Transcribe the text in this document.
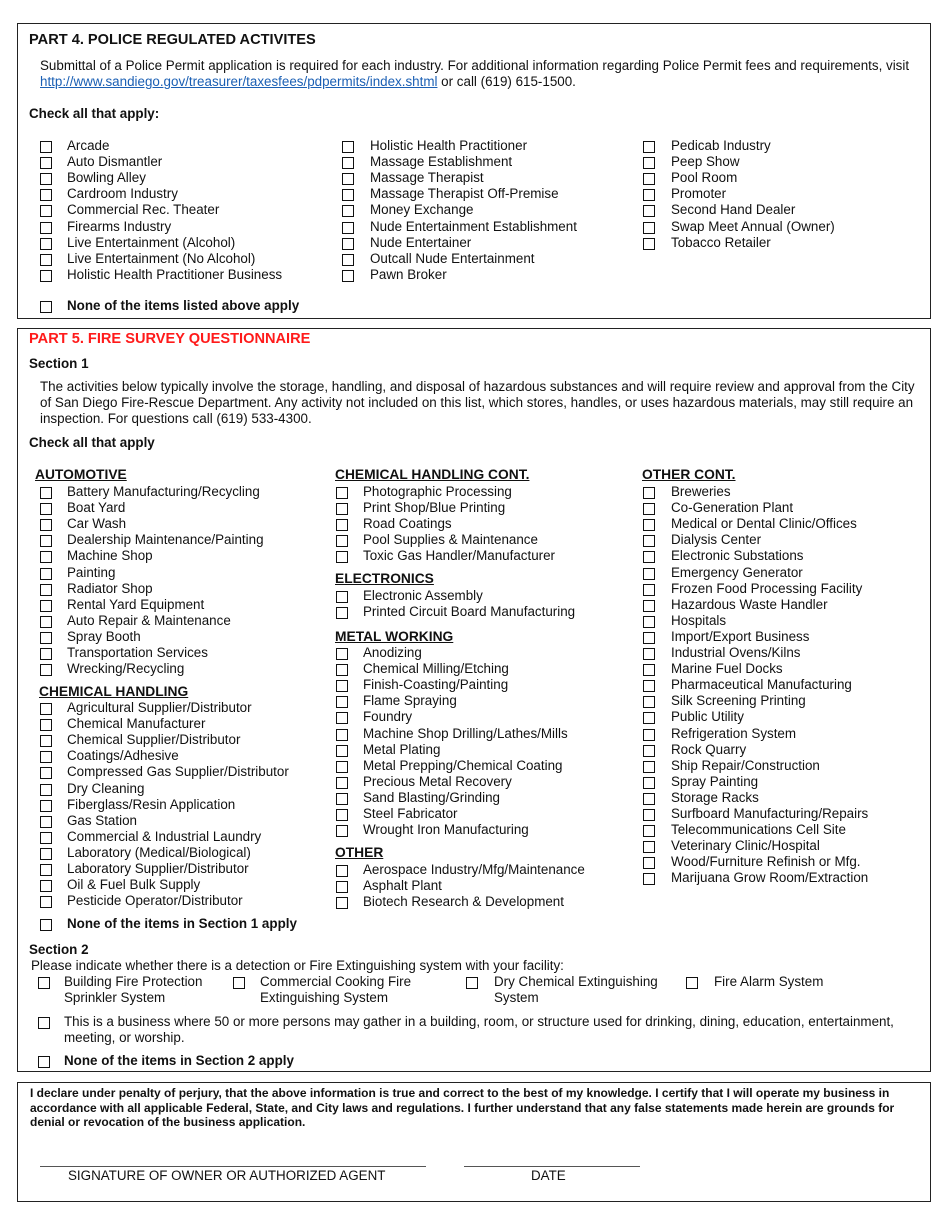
PART 4. POLICE REGULATED ACTIVITES
Submittal of a Police Permit application is required for each industry. For additional information regarding Police Permit fees and requirements, visit http://www.sandiego.gov/treasurer/taxesfees/pdpermits/index.shtml or call (619) 615-1500.
Check all that apply:
Arcade
Auto Dismantler
Bowling Alley
Cardroom Industry
Commercial Rec. Theater
Firearms Industry
Live Entertainment (Alcohol)
Live Entertainment (No Alcohol)
Holistic Health Practitioner Business
Holistic Health Practitioner
Massage Establishment
Massage Therapist
Massage Therapist Off-Premise
Money Exchange
Nude Entertainment Establishment
Nude Entertainer
Outcall Nude Entertainment
Pawn Broker
Pedicab Industry
Peep Show
Pool Room
Promoter
Second Hand Dealer
Swap Meet Annual (Owner)
Tobacco Retailer
None of the items listed above apply
PART 5. FIRE SURVEY QUESTIONNAIRE
Section 1
The activities below typically involve the storage, handling, and disposal of hazardous substances and will require review and approval from the City of San Diego Fire-Rescue Department. Any activity not included on this list, which stores, handles, or uses hazardous materials, may still require an inspection. For questions call (619) 533-4300.
Check all that apply
AUTOMOTIVE
Battery Manufacturing/Recycling
Boat Yard
Car Wash
Dealership Maintenance/Painting
Machine Shop
Painting
Radiator Shop
Rental Yard Equipment
Auto Repair & Maintenance
Spray Booth
Transportation Services
Wrecking/Recycling
CHEMICAL HANDLING
Agricultural Supplier/Distributor
Chemical Manufacturer
Chemical Supplier/Distributor
Coatings/Adhesive
Compressed Gas Supplier/Distributor
Dry Cleaning
Fiberglass/Resin Application
Gas Station
Commercial & Industrial Laundry
Laboratory (Medical/Biological)
Laboratory Supplier/Distributor
Oil & Fuel Bulk Supply
Pesticide Operator/Distributor
CHEMICAL HANDLING CONT.
Photographic Processing
Print Shop/Blue Printing
Road Coatings
Pool Supplies & Maintenance
Toxic Gas Handler/Manufacturer
ELECTRONICS
Electronic Assembly
Printed Circuit Board Manufacturing
METAL WORKING
Anodizing
Chemical Milling/Etching
Finish-Coasting/Painting
Flame Spraying
Foundry
Machine Shop Drilling/Lathes/Mills
Metal Plating
Metal Prepping/Chemical Coating
Precious Metal Recovery
Sand Blasting/Grinding
Steel Fabricator
Wrought Iron Manufacturing
OTHER
Aerospace Industry/Mfg/Maintenance
Asphalt Plant
Biotech Research & Development
OTHER CONT.
Breweries
Co-Generation Plant
Medical or Dental Clinic/Offices
Dialysis Center
Electronic Substations
Emergency Generator
Frozen Food Processing Facility
Hazardous Waste Handler
Hospitals
Import/Export Business
Industrial Ovens/Kilns
Marine Fuel Docks
Pharmaceutical Manufacturing
Silk Screening Printing
Public Utility
Refrigeration System
Rock Quarry
Ship Repair/Construction
Spray Painting
Storage Racks
Surfboard Manufacturing/Repairs
Telecommunications Cell Site
Veterinary Clinic/Hospital
Wood/Furniture Refinish or Mfg.
Marijuana Grow Room/Extraction
None of the items in Section 1 apply
Section 2
Please indicate whether there is a detection or Fire Extinguishing system with your facility:
Building Fire Protection
Sprinkler System
Commercial Cooking Fire
Extinguishing System
Dry Chemical Extinguishing
System
Fire Alarm System
This is a business where 50 or more persons may gather in a building, room, or structure used for drinking, dining, education, entertainment,
meeting, or worship.
None of the items in Section 2 apply
I declare under penalty of perjury, that the above information is true and correct to the best of my knowledge. I certify that I will operate my business in accordance with all applicable Federal, State, and City laws and regulations. I further understand that any false statements made herein are grounds for denial or revocation of the business application.
SIGNATURE OF OWNER OR AUTHORIZED AGENT	DATE
